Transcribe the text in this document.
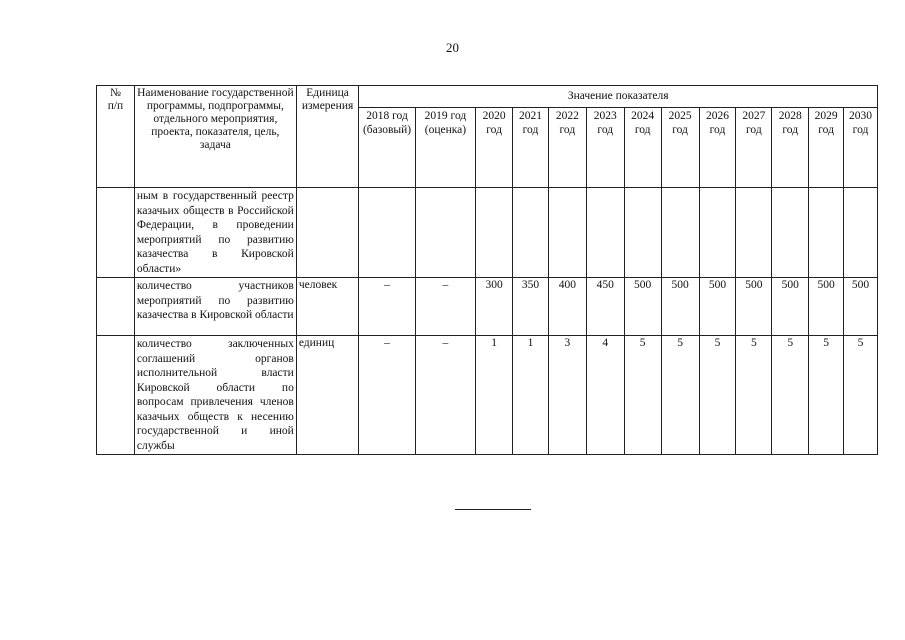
20
№
п/п	Наименование государственной программы, подпрограммы, отдельного мероприятия, проекта, показателя, цель, задача	Единица измерения	Значение показателя												
			2018 год (базовый)	2019 год (оценка)	2020 год	2021 год	2022 год	2023 год	2024 год	2025 год	2026 год	2027 год	2028 год	2029 год	2030 год
	ным в государственный реестр казачьих обществ в Российской Федерации, в проведении мероприятий по развитию казачества в Кировской области»														
	количество участников мероприятий по развитию казачества в Кировской области	человек	–	–	300	350	400	450	500	500	500	500	500	500	500
	количество заключенных соглашений органов исполнительной власти Кировской области по вопросам привлечения членов казачьих обществ к несению государственной и иной службы	единиц	–	–	1	1	3	4	5	5	5	5	5	5	5
